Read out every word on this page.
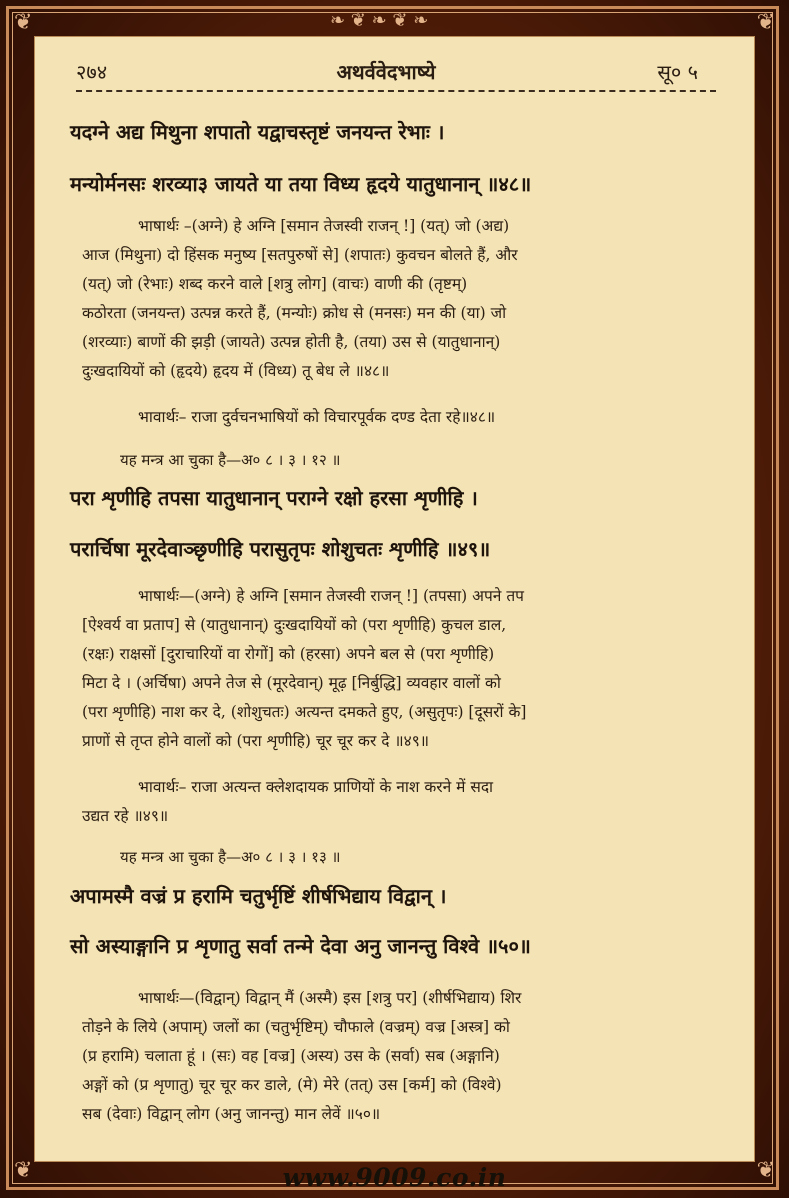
❦	❦
❦	❦
❧ ❦ ❧ ❦ ❧
२७४	अथर्ववेदभाष्ये	सू० ५
यदग्ने अद्य मिथुना शपातो यद्वाचस्तृष्टं जनयन्त रेभाः ।
मन्योर्मनसः शरव्या३ जायते या तया विध्य हृदये यातुधानान् ॥४८॥

भाषार्थः –(अग्ने) हे अग्नि [समान तेजस्वी राजन् !] (यत्) जो (अद्य)

आज (मिथुना) दो हिंसक मनुष्य [सतपुरुषों से] (शपातः) कुवचन बोलते हैं, और

(यत्) जो (रेभाः) शब्द करने वाले [शत्रु लोग] (वाचः) वाणी की (तृष्टम्)

कठोरता (जनयन्त) उत्पन्न करते हैं, (मन्योः) क्रोध से (मनसः) मन की (या) जो

(शरव्याः) बाणों की झड़ी (जायते) उत्पन्न होती है, (तया) उस से (यातुधानान्)

दुःखदायियों को (हृदये) हृदय में (विध्य) तू बेध ले ॥४८॥

भावार्थः– राजा दुर्वचनभाषियों को विचारपूर्वक दण्ड देता रहे॥४८॥

यह मन्त्र आ चुका है—अ० ८ । ३ । १२ ॥
परा शृणीहि तपसा यातुधानान् पराग्ने रक्षो हरसा शृणीहि ।
परार्चिषा मूरदेवाञ्छृणीहि परासुतृपः शोशुचतः शृणीहि ॥४९॥

भाषार्थः—(अग्ने) हे अग्नि [समान तेजस्वी राजन् !] (तपसा) अपने तप

[ऐश्वर्य वा प्रताप] से (यातुधानान्) दुःखदायियों को (परा शृणीहि) कुचल डाल,

(रक्षः) राक्षसों [दुराचारियों वा रोगों] को (हरसा) अपने बल से (परा शृणीहि)

मिटा दे । (अर्चिषा) अपने तेज से (मूरदेवान्) मूढ़ [निर्बुद्धि] व्यवहार वालों को

(परा शृणीहि) नाश कर दे, (शोशुचतः) अत्यन्त दमकते हुए, (असुतृपः) [दूसरों के]

प्राणों से तृप्त होने वालों को (परा शृणीहि) चूर चूर कर दे ॥४९॥

भावार्थः– राजा अत्यन्त क्लेशदायक प्राणियों के नाश करने में सदा

उद्यत रहे ॥४९॥

यह मन्त्र आ चुका है—अ० ८ । ३ । १३ ॥
अपामस्मै वज्रं प्र हरामि चतुर्भृष्टिं शीर्षभिद्याय विद्वान् ।
सो अस्याङ्गानि प्र शृणातु सर्वा तन्मे देवा अनु जानन्तु विश्वे ॥५०॥

भाषार्थः—(विद्वान्) विद्वान् मैं (अस्मै) इस [शत्रु पर] (शीर्षभिद्याय) शिर

तोड़ने के लिये (अपाम्) जलों का (चतुर्भृष्टिम्) चौफाले (वज्रम्) वज्र [अस्त्र] को

(प्र हरामि) चलाता हूं । (सः) वह [वज्र] (अस्य) उस के (सर्वा) सब (अङ्गानि)

अङ्गों को (प्र शृणातु) चूर चूर कर डाले, (मे) मेरे (तत्) उस [कर्म] को (विश्वे)

सब (देवाः) विद्वान् लोग (अनु जानन्तु) मान लेवें ॥५०॥

www.9009.co.in
